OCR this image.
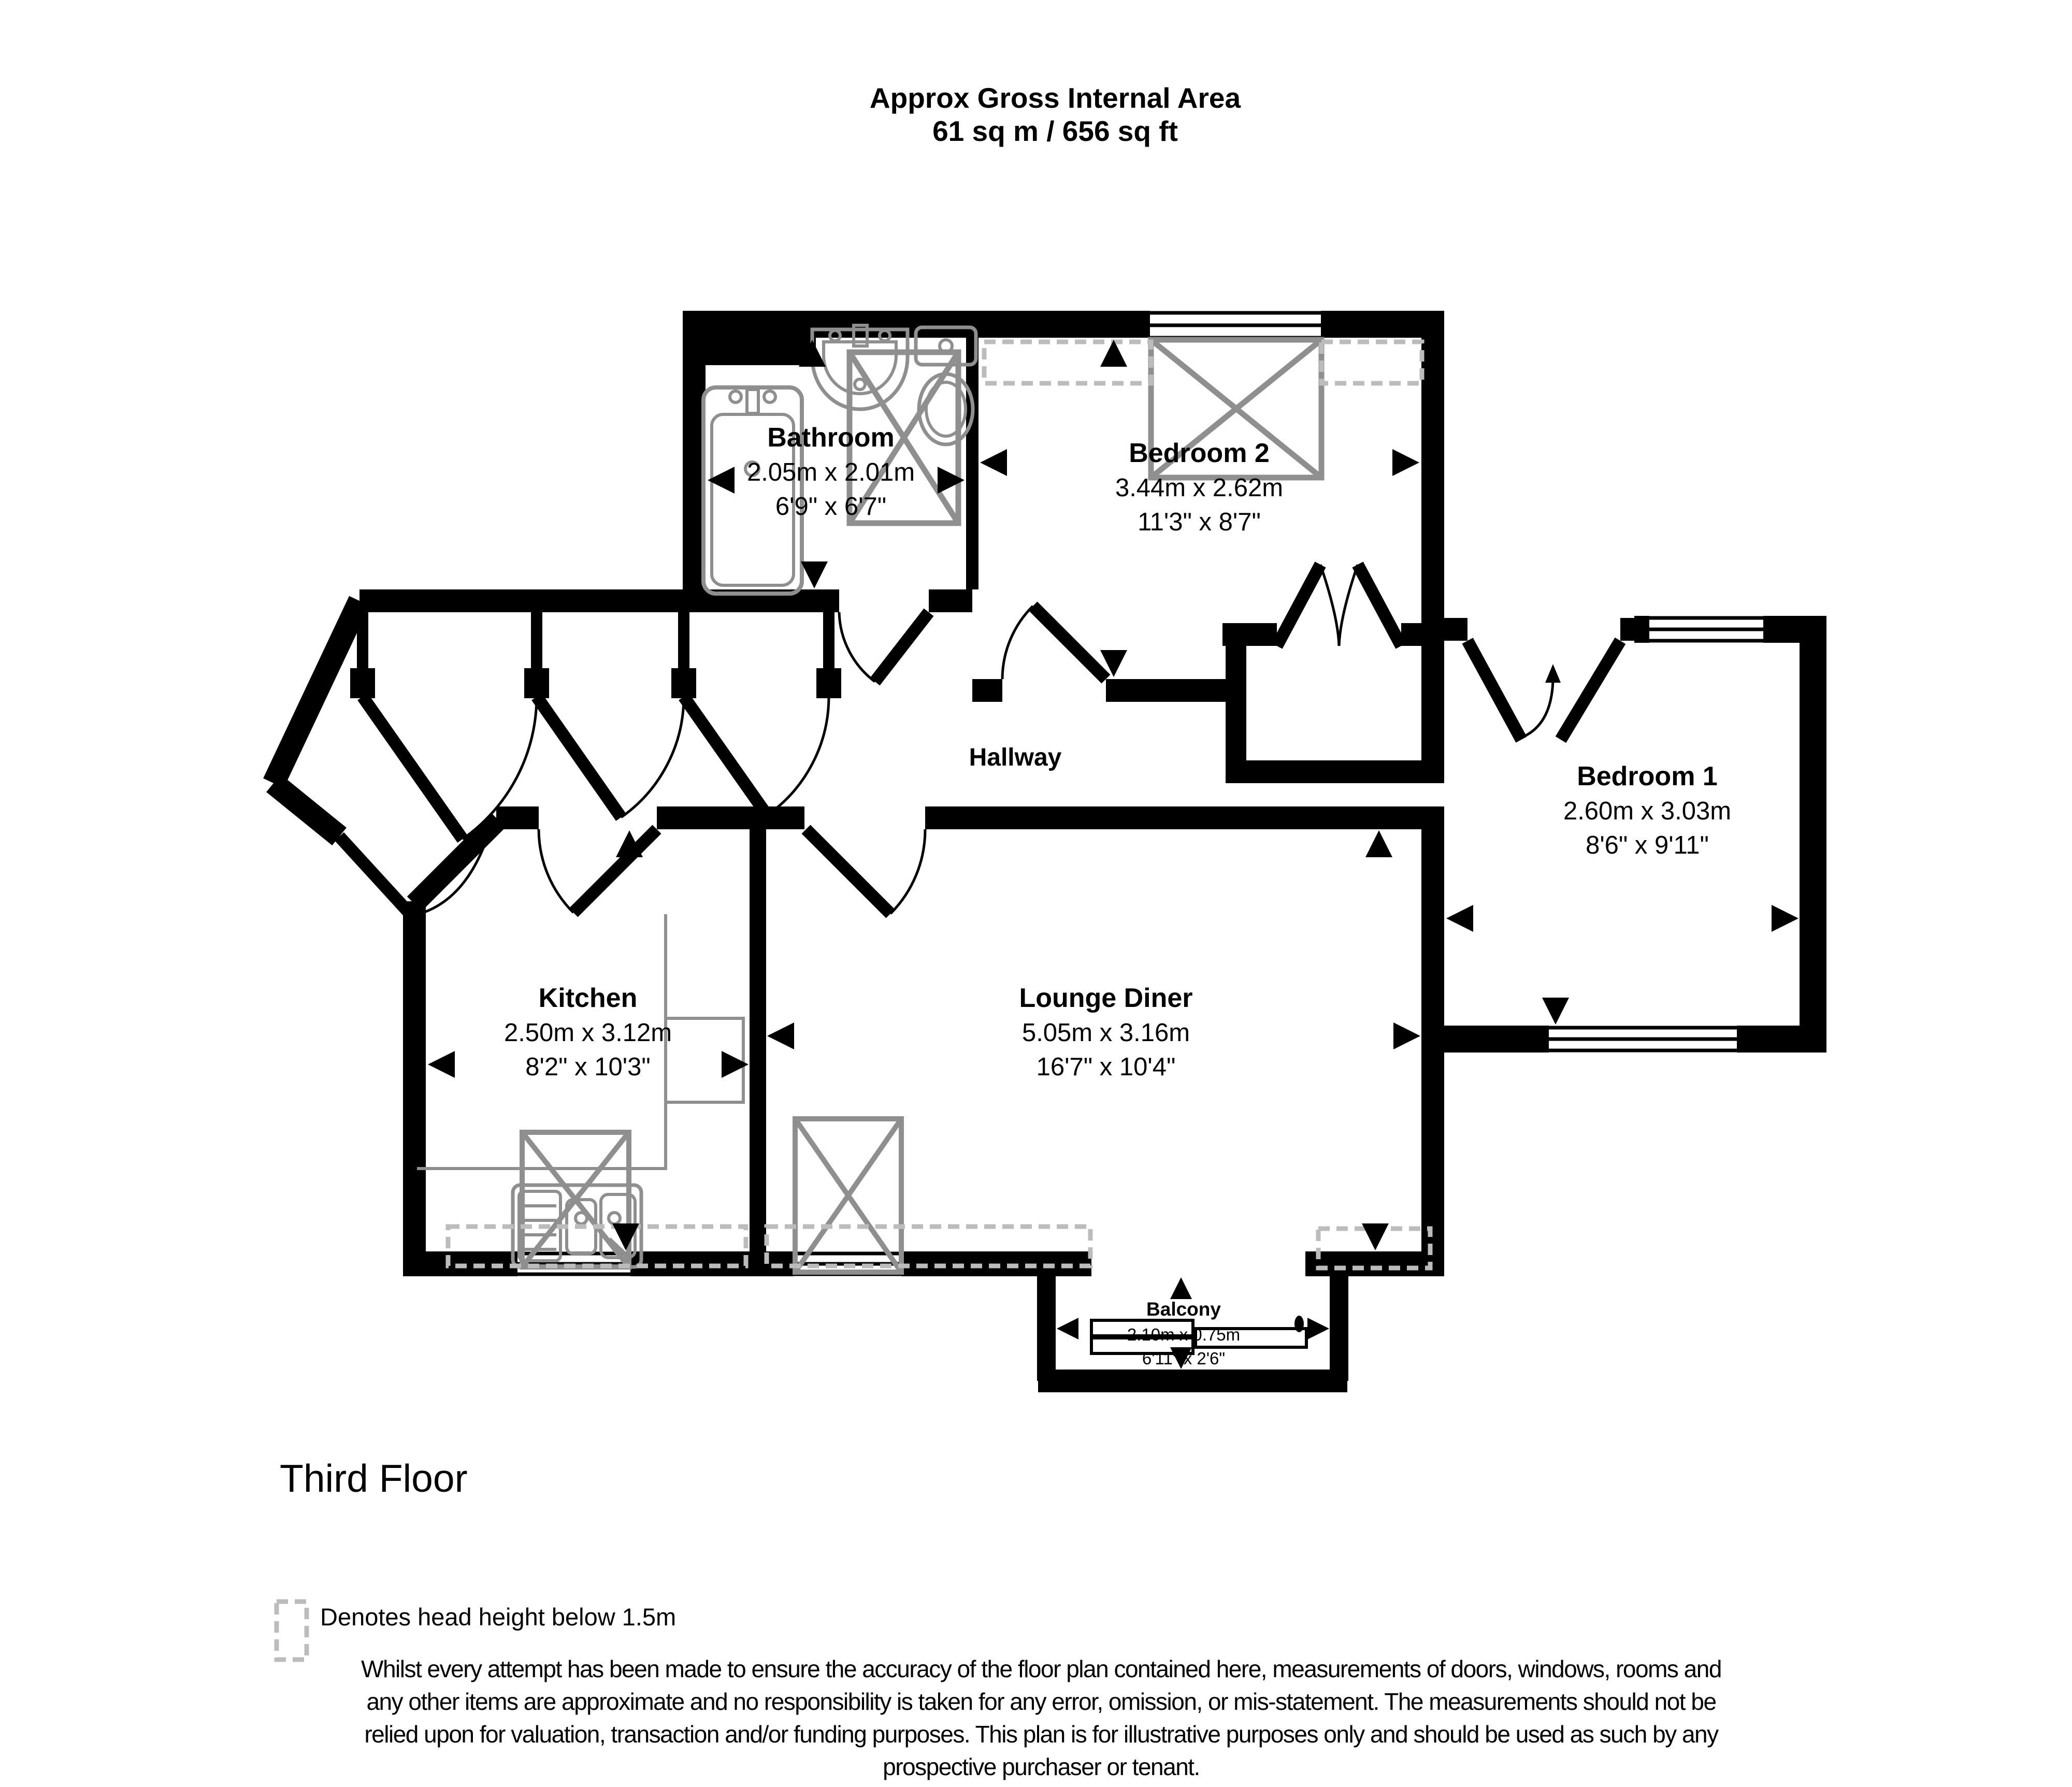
Approx Gross Internal Area
61 sq m / 656 sq ft
Bathroom
2.05m x 2.01m
6'9" x 6'7"
Bedroom 2
3.44m x 2.62m
11'3" x 8'7"
Bedroom 1
2.60m x 3.03m
8'6" x 9'11"
Hallway
Kitchen
2.50m x 3.12m
8'2" x 10'3"
Lounge Diner
5.05m x 3.16m
16'7" x 10'4"
Balcony
2.10m x 0.75m
6'11" x 2'6"
Third Floor
Denotes head height below 1.5m
Whilst every attempt has been made to ensure the accuracy of the floor plan contained here, measurements of doors, windows, rooms and
any other items are approximate and no responsibility is taken for any error, omission, or mis-statement. The measurements should not be
relied upon for valuation, transaction and/or funding purposes. This plan is for illustrative purposes only and should be used as such by any
prospective purchaser or tenant.
